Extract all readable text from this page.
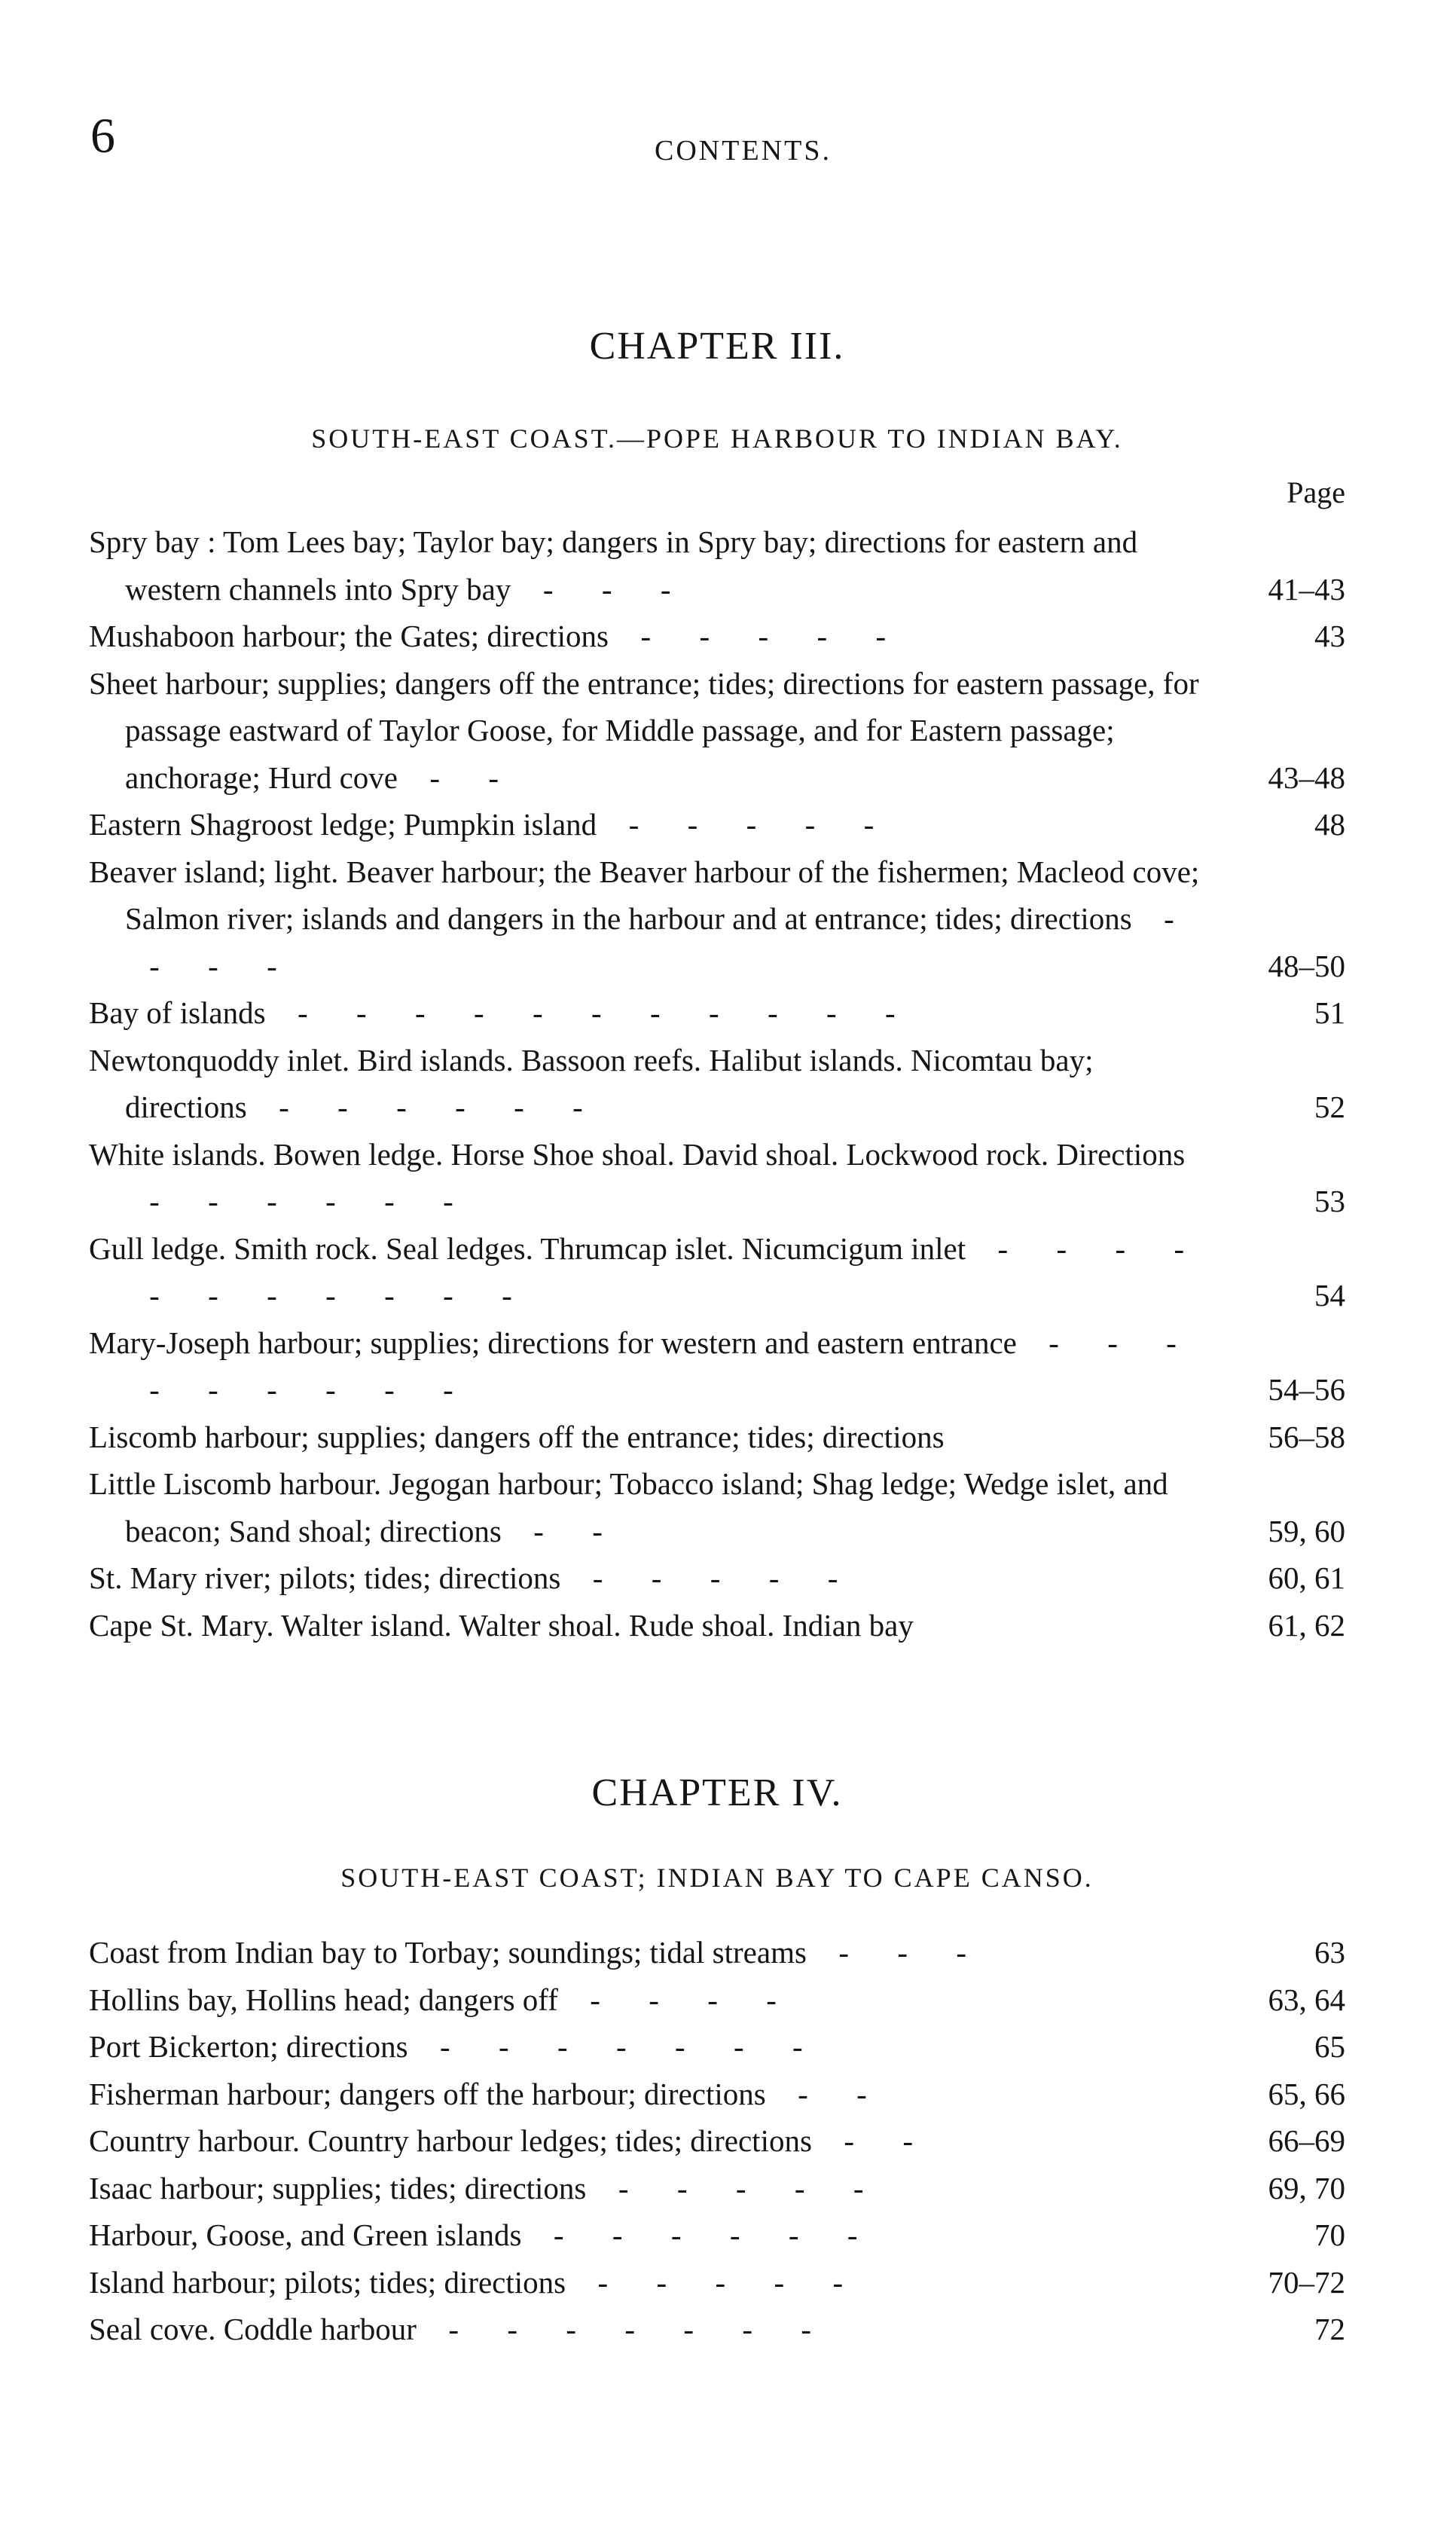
6	CONTENTS.
CHAPTER III.
SOUTH-EAST COAST.—POPE HARBOUR TO INDIAN BAY.
Page
Spry bay : Tom Lees bay; Taylor bay; dangers in Spry bay; directions for eastern and western channels into Spry bay - - -	41–43
Mushaboon harbour; the Gates; directions - - - - -	43
Sheet harbour; supplies; dangers off the entrance; tides; directions for eastern passage, for passage eastward of Taylor Goose, for Middle passage, and for Eastern passage; anchorage; Hurd cove - -	43–48
Eastern Shagroost ledge; Pumpkin island - - - - -	48
Beaver island; light. Beaver harbour; the Beaver harbour of the fishermen; Macleod cove; Salmon river; islands and dangers in the harbour and at entrance; tides; directions -- - -	48–50
Bay of islands - - - - - - - - - - -	51
Newtonquoddy inlet. Bird islands. Bassoon reefs. Halibut islands. Nicomtau bay; directions - - - - - -	52
White islands. Bowen ledge. Horse Shoe shoal. David shoal. Lockwood rock. Directions - - - - - -	53
Gull ledge. Smith rock. Seal ledges. Thrumcap islet. Nicumcigum inlet - - - -- - - - - - -	54
Mary-Joseph harbour; supplies; directions for western and eastern entrance - - -- - - - - -	54–56
Liscomb harbour; supplies; dangers off the entrance; tides; directions	56–58
Little Liscomb harbour. Jegogan harbour; Tobacco island; Shag ledge; Wedge islet, and beacon; Sand shoal; directions - -	59, 60
St. Mary river; pilots; tides; directions - - - - -	60, 61
Cape St. Mary. Walter island. Walter shoal. Rude shoal. Indian bay	61, 62
CHAPTER IV.
SOUTH-EAST COAST; INDIAN BAY TO CAPE CANSO.
Coast from Indian bay to Torbay; soundings; tidal streams - - -	63
Hollins bay, Hollins head; dangers off - - - -	63, 64
Port Bickerton; directions - - - - - - -	65
Fisherman harbour; dangers off the harbour; directions - -	65, 66
Country harbour. Country harbour ledges; tides; directions - -	66–69
Isaac harbour; supplies; tides; directions - - - - -	69, 70
Harbour, Goose, and Green islands - - - - - -	70
Island harbour; pilots; tides; directions - - - - -	70–72
Seal cove. Coddle harbour - - - - - - -	72
